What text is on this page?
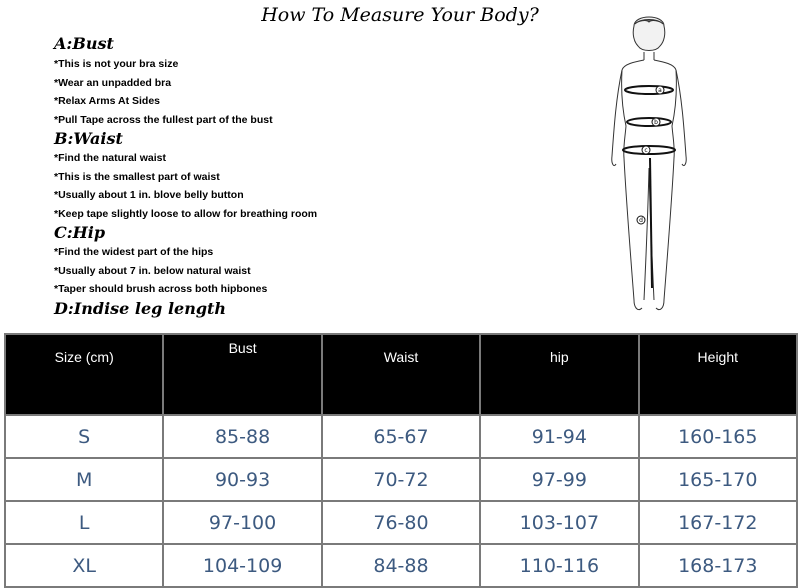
How To Measure Your Body?
A:Bust
*This is not your bra size
*Wear an unpadded bra
*Relax Arms At Sides
*Pull Tape across the fullest part of the bust
B:Waist
*Find the natural waist
*This is the smallest part of waist
*Usually about 1 in. blove belly button
*Keep tape slightly loose to allow for breathing room
C:Hip
*Find the widest part of the hips
*Usually about 7 in. below natural waist
*Taper should brush across both hipbones
D:Indise leg length
a
b
c
d
Size (cm)	Bust	Waist	hip	Height
S	85-88	65-67	91-94	160-165
M	90-93	70-72	97-99	165-170
L	97-100	76-80	103-107	167-172
XL	104-109	84-88	110-116	168-173
